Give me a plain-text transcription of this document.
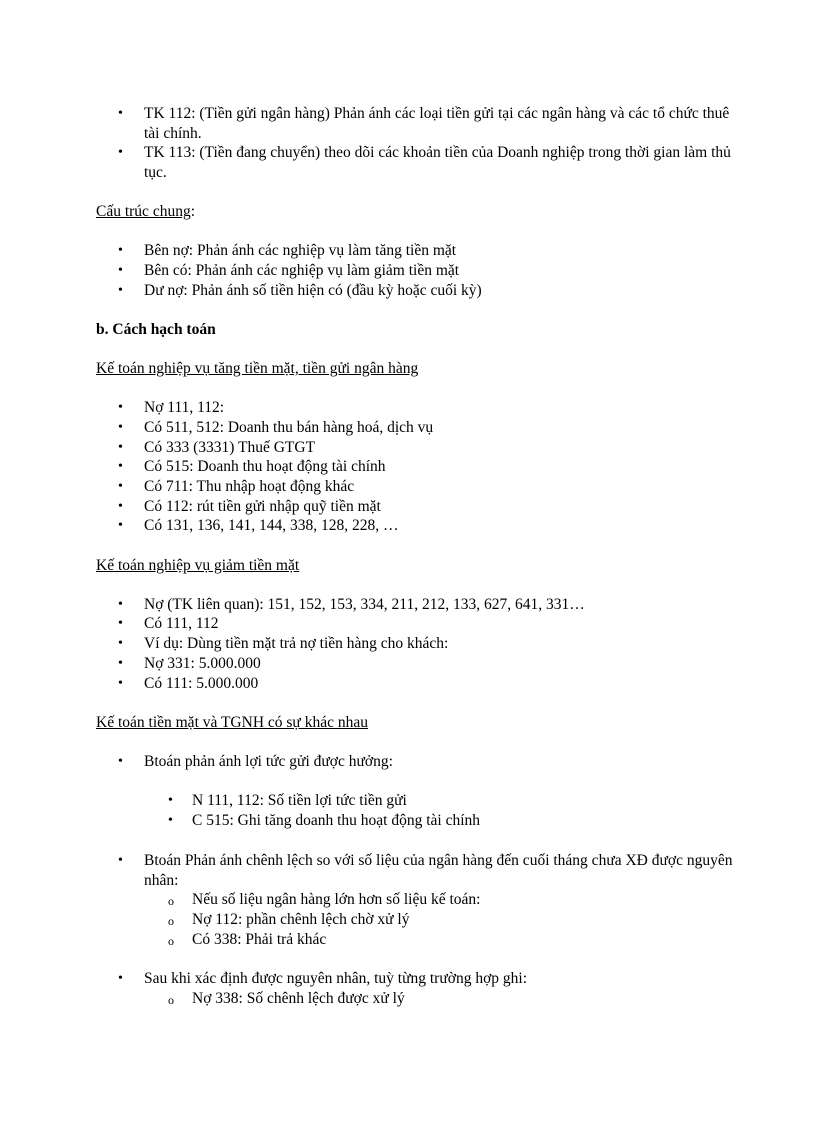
• TK 112: (Tiền gửi ngân hàng) Phản ánh các loại tiền gửi tại các ngân hàng và các tổ chức thuê tài chính.
• TK 113: (Tiền đang chuyển) theo dõi các khoản tiền của Doanh nghiệp trong thời gian làm thủ tục.
Cấu trúc chung:
• Bên nợ: Phản ánh các nghiệp vụ làm tăng tiền mặt
• Bên có: Phản ánh các nghiệp vụ làm giảm tiền mặt
• Dư nợ: Phản ánh số tiền hiện có (đầu kỳ hoặc cuối kỳ)
b. Cách hạch toán
Kế toán nghiệp vụ tăng tiền mặt, tiền gửi ngân hàng
• Nợ 111, 112:
• Có 511, 512: Doanh thu bán hàng hoá, dịch vụ
• Có 333 (3331) Thuế GTGT
• Có 515: Doanh thu hoạt động tài chính
• Có 711: Thu nhập hoạt động khác
• Có 112: rút tiền gửi nhập quỹ tiền mặt
• Có 131, 136, 141, 144, 338, 128, 228, …
Kế toán nghiệp vụ giảm tiền mặt
• Nợ (TK liên quan): 151, 152, 153, 334, 211, 212, 133, 627, 641, 331…
• Có 111, 112
• Ví dụ: Dùng tiền mặt trả nợ tiền hàng cho khách:
• Nợ 331: 5.000.000
• Có 111: 5.000.000
Kế toán tiền mặt và TGNH có sự khác nhau
• Btoán phản ánh lợi tức gửi được hưởng:
• N 111, 112: Số tiền lợi tức tiền gửi
• C 515: Ghi tăng doanh thu hoạt động tài chính
• Btoán Phản ánh chênh lệch so với số liệu của ngân hàng đến cuối tháng chưa XĐ được nguyên nhân:
o Nếu số liệu ngân hàng lớn hơn số liệu kế toán:
o Nợ 112: phần chênh lệch chờ xử lý
o Có 338: Phải trả khác
• Sau khi xác định được nguyên nhân, tuỳ từng trường hợp ghi:
o Nợ 338: Số chênh lệch được xử lý
